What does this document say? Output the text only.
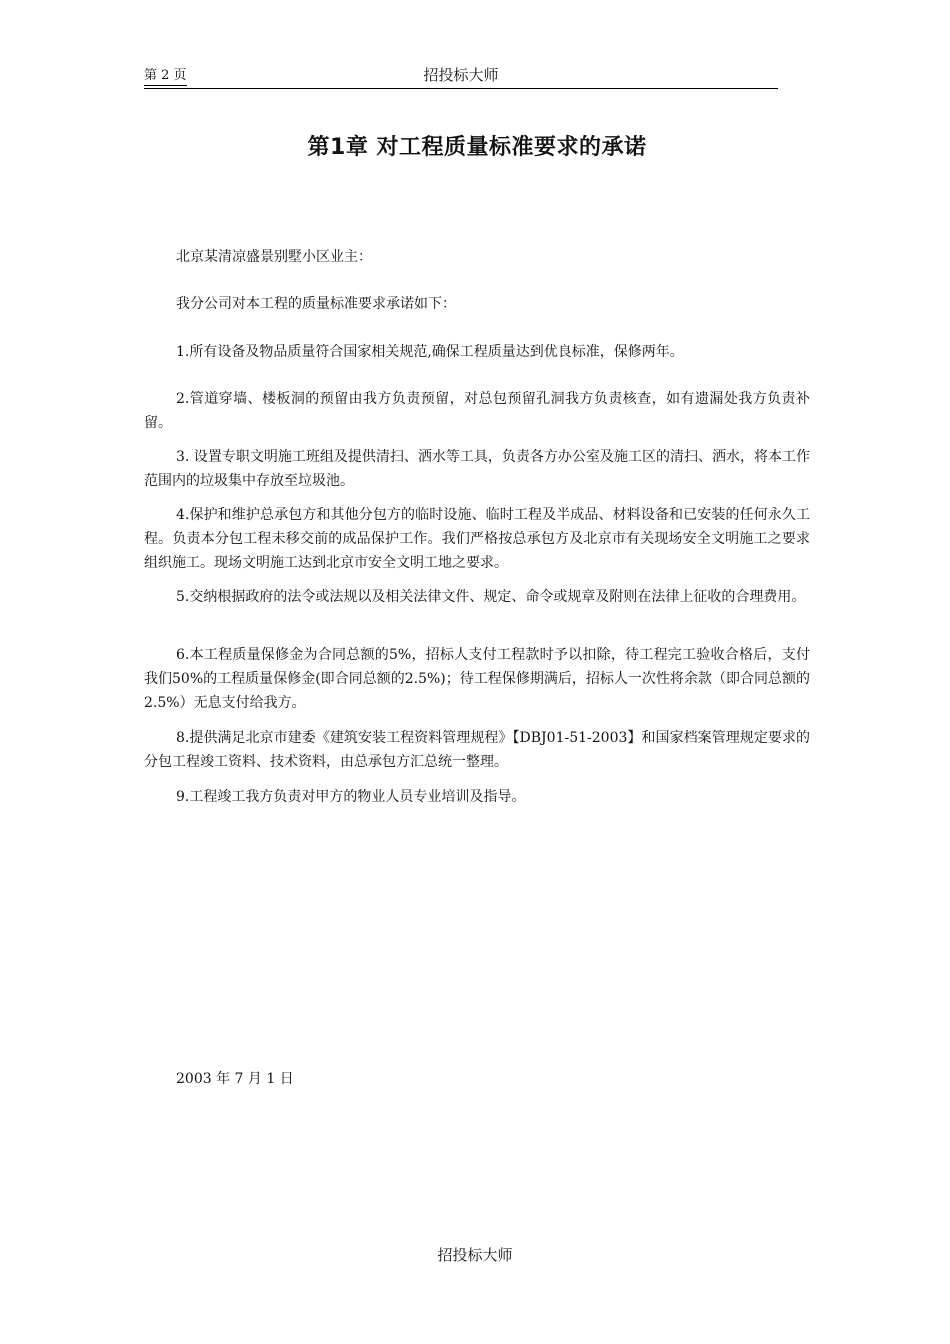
第 2 页	招投标大师
第1章 对工程质量标准要求的承诺

北京某清凉盛景别墅小区业主：

我分公司对本工程的质量标准要求承诺如下：

1.所有设备及物品质量符合国家相关规范,确保工程质量达到优良标准，保修两年。

2.管道穿墙、楼板洞的预留由我方负责预留，对总包预留孔洞我方负责核查，如有遗漏处我方负责补留。

3. 设置专职文明施工班组及提供清扫、洒水等工具，负责各方办公室及施工区的清扫、洒水，将本工作范围内的垃圾集中存放至垃圾池。

4.保护和维护总承包方和其他分包方的临时设施、临时工程及半成品、材料设备和已安装的任何永久工程。负责本分包工程未移交前的成品保护工作。我们严格按总承包方及北京市有关现场安全文明施工之要求组织施工。现场文明施工达到北京市安全文明工地之要求。

5.交纳根据政府的法令或法规以及相关法律文件、规定、命令或规章及附则在法律上征收的合理费用。

6.本工程质量保修金为合同总额的5%，招标人支付工程款时予以扣除，待工程完工验收合格后，支付我们50%的工程质量保修金(即合同总额的2.5%)；待工程保修期满后，招标人一次性将余款（即合同总额的2.5%）无息支付给我方。

8.提供满足北京市建委《建筑安装工程资料管理规程》【DBJ01-51-2003】和国家档案管理规定要求的分包工程竣工资料、技术资料，由总承包方汇总统一整理。

9.工程竣工我方负责对甲方的物业人员专业培训及指导。

2003 年 7 月 1 日

招投标大师
